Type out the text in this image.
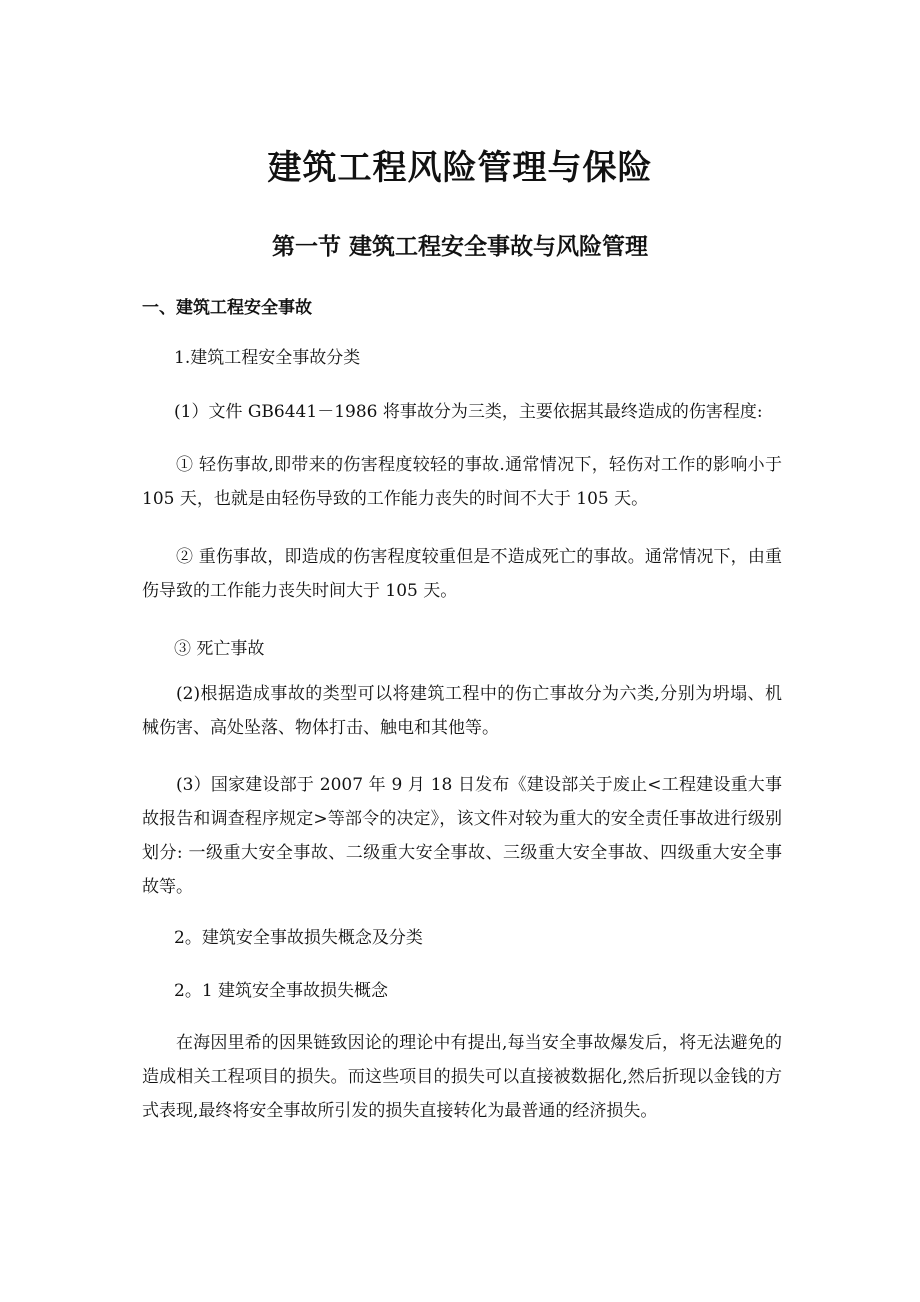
建筑工程风险管理与保险
第一节 建筑工程安全事故与风险管理

一、建筑工程安全事故

1.建筑工程安全事故分类

(1）文件 GB6441－1986 将事故分为三类，主要依据其最终造成的伤害程度:

① 轻伤事故,即带来的伤害程度较轻的事故.通常情况下，轻伤对工作的影响小于 105 天，也就是由轻伤导致的工作能力丧失的时间不大于 105 天。

② 重伤事故，即造成的伤害程度较重但是不造成死亡的事故。通常情况下，由重伤导致的工作能力丧失时间大于 105 天。

③ 死亡事故

(2)根据造成事故的类型可以将建筑工程中的伤亡事故分为六类,分别为坍塌、机械伤害、高处坠落、物体打击、触电和其他等。

(3）国家建设部于 2007 年 9 月 18 日发布《建设部关于废止<工程建设重大事故报告和调查程序规定>等部令的决定》，该文件对较为重大的安全责任事故进行级别划分: 一级重大安全事故、二级重大安全事故、三级重大安全事故、四级重大安全事故等。

2。建筑安全事故损失概念及分类

2。1 建筑安全事故损失概念

在海因里希的因果链致因论的理论中有提出,每当安全事故爆发后，将无法避免的造成相关工程项目的损失。而这些项目的损失可以直接被数据化,然后折现以金钱的方式表现,最终将安全事故所引发的损失直接转化为最普通的经济损失。
